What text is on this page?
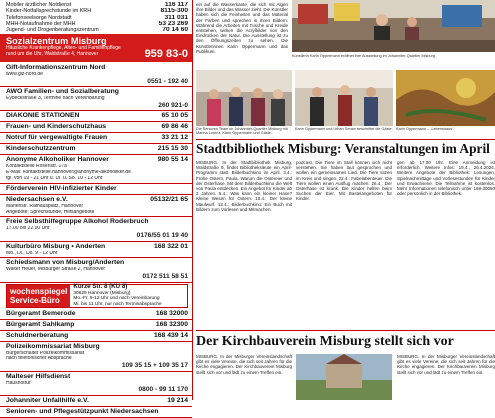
Mobiler ärztlicher Notdienst	116 117
Kinder-Notfallsprechstunde im KRH	8115-300
Telefonseelsorge Nordstadt	311 031
MHH-Notaufnahme der MHH	53 23 269
Jugend- und Drogenberatungszentrum	70 14 60
Sozialzentrum Misburg
Häusliche Krankenpflege, Alten- und Familienpflege
rund um die Uhr, Waldstraße 4, Hannover	959 83-0
Gift-Informationszentrum Nord
www.giz-nord.de
0551 - 192 40
AWO Familien- und Sozialberatung
Eybeckstraße 3, Termine nach Vereinbarung
260 921-0
DIAKONIE STATIONEN	65 10 05
Frauen- und Kinderschutzhaus	69 86 46
Notruf für vergewaltigte Frauen	33 21 12
Kinderschutzzentrum	215 15 30
Anonyme Alkoholiker Hannover	980 55 14
Kontaktstelle Rosenstr. 17a
E-Mail: kontaktstelle.hannover@anonyme-alkoholiker.de
tgl. von 19 - 21 Uhr u. Di. u. So. 10 - 12 Uhr
Förderverein HIV-infizierter Kinder
Niedersachsen e.V.	05132/21 65
Marienstr. Rathausplatz, Hannover
Angebote: Sprechstunde, Hilfsangebote
Freie Selbsthilfegruppe Alkohol Roderbruch
17.00 bis 22.00 Uhr
0176/55 01 19 40
Kulturbüro Misburg • Anderten	168 322 01
Mo., Di., Do. 9 - 12 Uhr
Schiedsmann von Misburg/Anderten
Walter Heuer, Misburger Straße 2, Hannover
0172 511 58 51
wochenspiegel
Service-Büro
Kurze Str. 8 (KU 8)
30629 Hannover (Misburg)
Mo.-Fr. 9-12 Uhr und nach Vereinbarung
Mi. bis 11 Uhr, nur nach Terminabsprache
Bürgeramt Bemerode	168 32000
Bürgeramt Sahlkamp	168 32300
Schuldnerberatung	168 439 14
Polizeikommissariat Misburg
Bürgerschalter Polizeikommissariat
nach telefonischer Absprache
109 35 15 + 109 35 17
Malteser Hilfsdienst
Hausnotruf
0800 - 99 11 170
Johanniter Unfallhilfe e.V.	19 214
Senioren- und Pflegestützpunkt Niedersachsen
ein auf die Wasserkante, die sich mit Algen ihre Bilder und das Wasser zieht. Die Künstler haben sich die Feinheiten und das Material der Farben und sprechen in ihren Bildern. Während die Arbeiten mit Tusche und Kreide entstehen, wirken die Acrylbilder von den Eindrücken der Natur. Die Ausstellung ist zu den Öffnungszeiten zu sehen. Die Künstlerinnen Karin Oppermann und das Publikum.
Künstlerin Karin Oppermann eröffnet ihre Ausstellung im Johanniter-Quartier Misburg
Die Senioren Team im Johanniter-Quartier Misburg mit Marina Lorenz, Karin Oppermann und Gäste.
Karin Oppermann und Urban Senior beschriftet die Gäste. Karin Oppermann – „Lebenshaus“
Stadtbibliothek Misburg: Veranstaltungen im April
MISBURG. In der Stadtbibliothek Misburg, Waldstraße 9, findet Bibliotheksleute ein April-Programm statt. Bilderbuchkino im April. 3.4.: Frohe Ostern, Paula. Warum die Ostereier und der Osterhase. Mit dem Bilderbuchkino die Welt von Paula entdecken. Ein Angebot für Kinder ab 3 Jahren. 5.4.: Was kann ein kleiner Hase? Kleine Wesen für Ostern. 10.4.: Der kleine Maulwurf. 12.4.: Bilderbuchkino: Ein Buch mit Bildern zum Vorlesen und Mitmachen.
podcast. Die Tiere im Stall können sich nicht verstehen. Sie haben laut gesprochen und wollen ein gemeinsames Lied. Die Tiere sitzen im Kreis und singen. 22.4.: Fabelabenteuer. Die Tiere wollen einen Ausflug machen. 26.4.: Der Osterhase ist krank. Die Kinder helfen beim Suchen der Eier. Mit Bastelangeboten für Kinder.
gen ab 17.00 Uhr. Eine Anmeldung ist erforderlich. Weitere Infos: 19.4., 26.4.2024. Weitere Angebote der Bibliothek: Lesungen, Spielnachmittage und Vorlesestunden für Kinder und Erwachsene. Die Teilnahme ist kostenlos. Mehr Informationen telefonisch unter 168-30050 oder persönlich in der Bibliothek.
Der Kirchbauverein Misburg stellt sich vor
MISBURG. In der Misburger Vereinslandschaft gibt es viele Vereine, die sich seit Jahren für die Kirche engagieren. Der Kirchbauverein Misburg stellt sich vor und lädt zu einem Treffen ein.
MISBURG. In der Misburger Vereinslandschaft gibt es viele Vereine, die sich seit Jahren für die Kirche engagieren. Der Kirchbauverein Misburg stellt sich vor und lädt zu einem Treffen ein.
